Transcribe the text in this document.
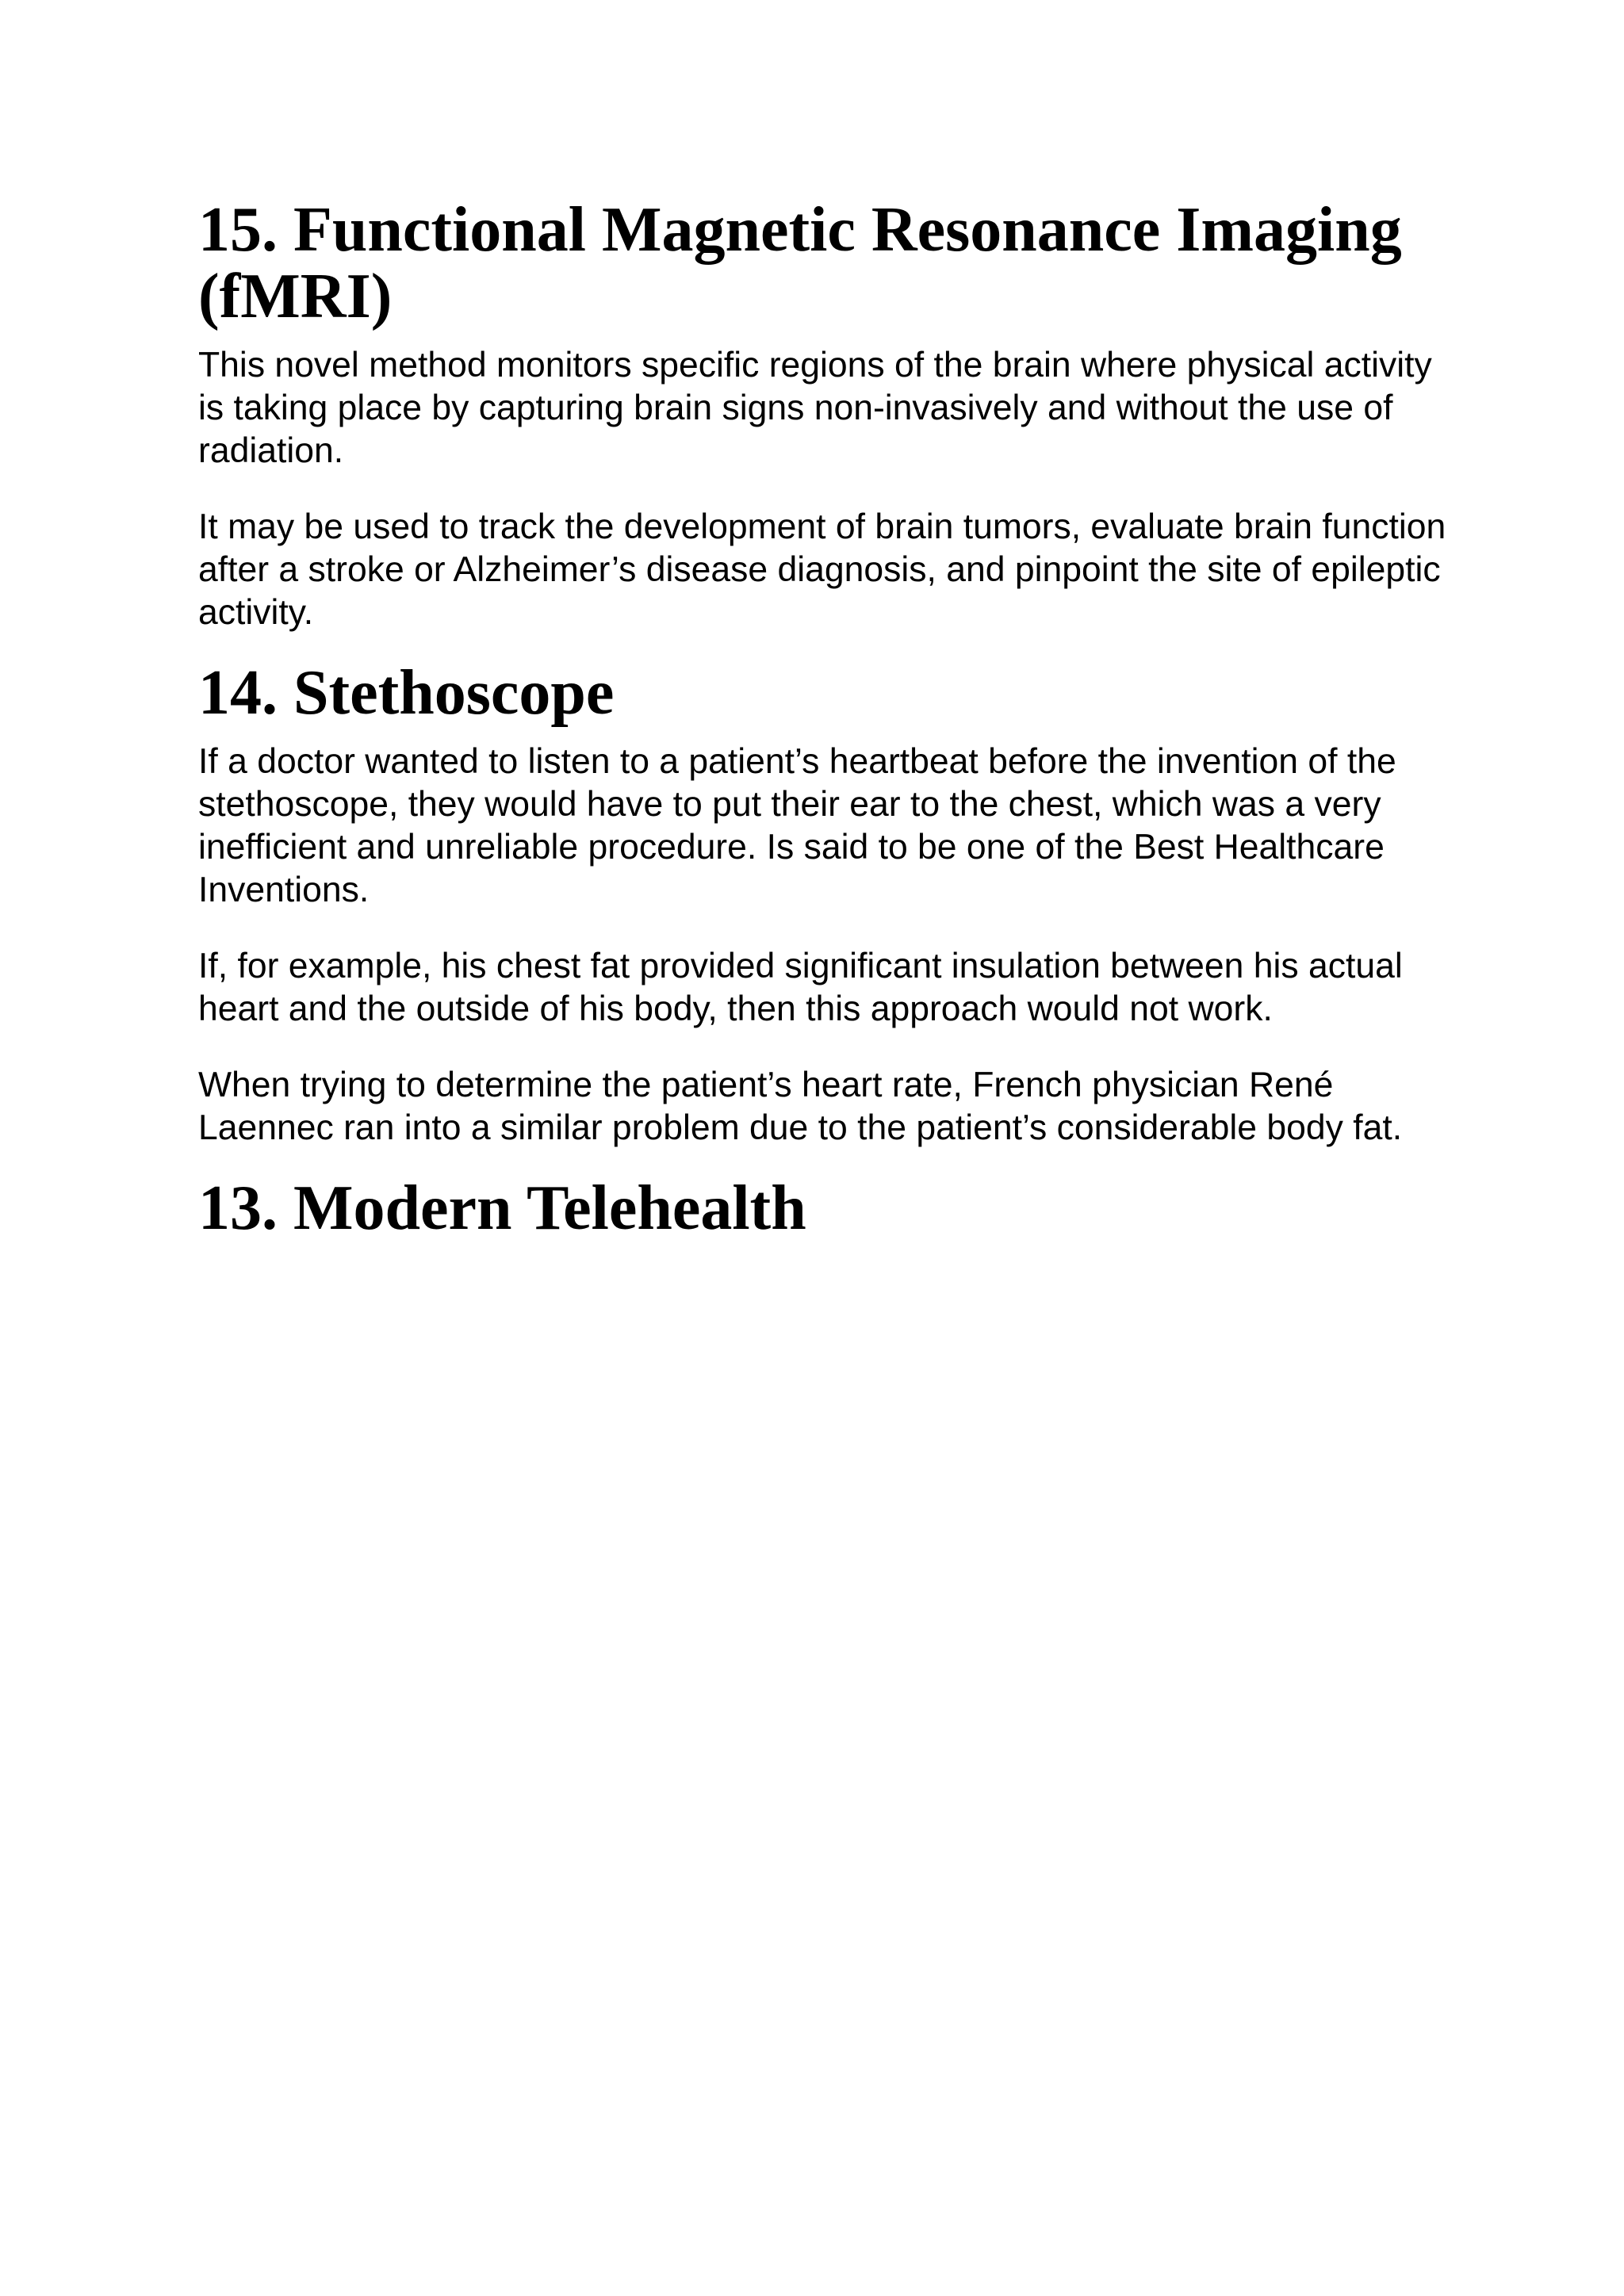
15. Functional Magnetic Resonance Imaging (fMRI)

This novel method monitors specific regions of the brain where physical activity is taking place by capturing brain signs non-invasively and without the use of radiation.

It may be used to track the development of brain tumors, evaluate brain function after a stroke or Alzheimer’s disease diagnosis, and pinpoint the site of epileptic activity.

14. Stethoscope

If a doctor wanted to listen to a patient’s heartbeat before the invention of the stethoscope, they would have to put their ear to the chest, which was a very inefficient and unreliable procedure. Is said to be one of the Best Healthcare Inventions.

If, for example, his chest fat provided significant insulation between his actual heart and the outside of his body, then this approach would not work.

When trying to determine the patient’s heart rate, French physician René Laennec ran into a similar problem due to the patient’s considerable body fat.

13. Modern Telehealth
